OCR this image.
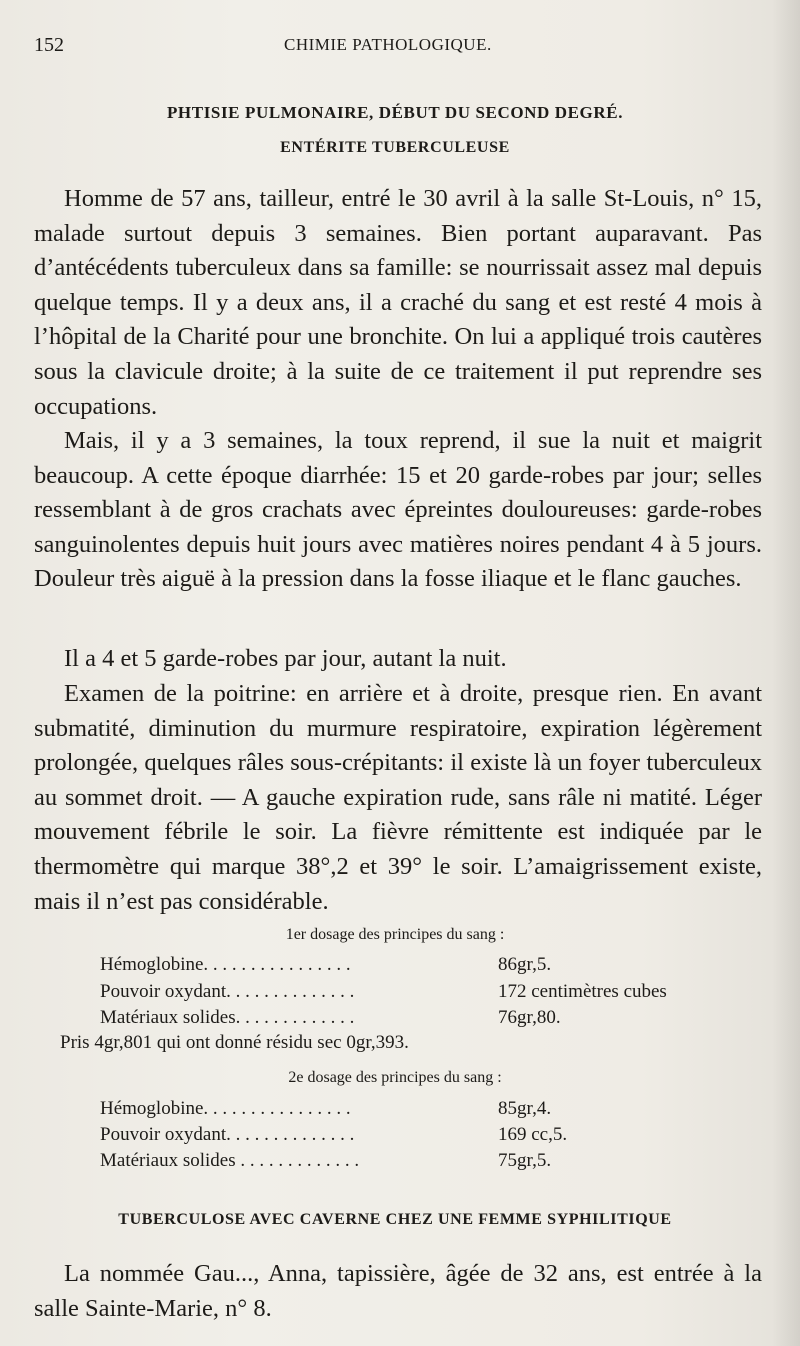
152	CHIMIE PATHOLOGIQUE.
PHTISIE PULMONAIRE, DÉBUT DU SECOND DEGRÉ.
ENTÉRITE TUBERCULEUSE

Homme de 57 ans, tailleur, entré le 30 avril à la salle St-Louis, n° 15, malade surtout depuis 3 semaines. Bien portant auparavant. Pas d’antécédents tuberculeux dans sa famille: se nourrissait assez mal depuis quelque temps. Il y a deux ans, il a craché du sang et est resté 4 mois à l’hôpital de la Charité pour une bronchite. On lui a appliqué trois cautères sous la clavicule droite; à la suite de ce traitement il put reprendre ses occupations.

Mais, il y a 3 semaines, la toux reprend, il sue la nuit et maigrit beaucoup. A cette époque diarrhée: 15 et 20 garde-robes par jour; selles ressemblant à de gros crachats avec épreintes douloureuses: garde-robes sanguinolentes depuis huit jours avec matières noires pendant 4 à 5 jours. Douleur très aiguë à la pression dans la fosse iliaque et le flanc gauches.

Il a 4 et 5 garde-robes par jour, autant la nuit.

Examen de la poitrine: en arrière et à droite, presque rien. En avant submatité, diminution du murmure respiratoire, expiration légèrement prolongée, quelques râles sous-crépitants: il existe là un foyer tuberculeux au sommet droit. — A gauche expiration rude, sans râle ni matité. Léger mouvement fébrile le soir. La fièvre rémittente est indiquée par le thermomètre qui marque 38°,2 et 39° le soir. L’amaigrissement existe, mais il n’est pas considérable.

1er dosage des principes du sang :
Hémoglobine. . . . . . . . . . . . . . . .	86gr,5.
Pouvoir oxydant. . . . . . . . . . . . . .	172 centimètres cubes
Matériaux solides. . . . . . . . . . . . .	76gr,80.
Pris 4gr,801 qui ont donné résidu sec 0gr,393.
2e dosage des principes du sang :
Hémoglobine. . . . . . . . . . . . . . . .	85gr,4.
Pouvoir oxydant. . . . . . . . . . . . . .	169 cc,5.
Matériaux solides . . . . . . . . . . . . .	75gr,5.
TUBERCULOSE AVEC CAVERNE CHEZ UNE FEMME SYPHILITIQUE

La nommée Gau..., Anna, tapissière, âgée de 32 ans, est entrée à la salle Sainte-Marie, n° 8.
